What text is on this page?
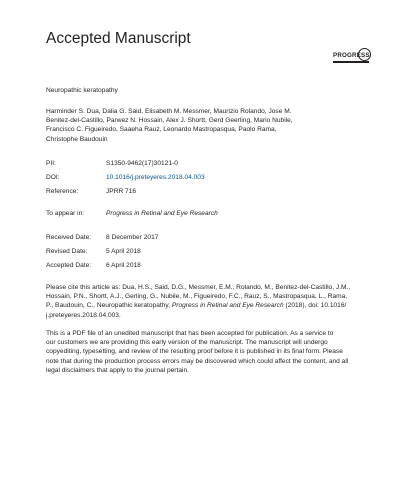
Accepted Manuscript
PROGRESS
Neuropathic keratopathy

Harminder S. Dua, Dalia G. Said, Elisabeth M. Messmer, Maurizio Rolando, Jose M.

Benitez-del-Castillo, Parwez N. Hossain, Alex J. Shortt, Gerd Geerling, Mario Nubile,

Francisco C. Figueiredo, Saaeha Rauz, Leonardo Mastropasqua, Paolo Rama,

Christophe Baudouin

PII:	S1350-9462(17)30121-0
DOI:	10.1016/j.preteyeres.2018.04.003
Reference:	JPRR 716
To appear in:	Progress in Retinal and Eye Research
Received Date: 8 December 2017
Revised Date:	5 April 2018
Accepted Date: 6 April 2018

Please cite this article as: Dua, H.S., Said, D.G., Messmer, E.M., Rolando, M., Benitez-del-Castillo, J.M.,

Hossain, P.N., Shortt, A.J., Gerling, G., Nubile, M., Figueiredo, F.C., Rauz, S., Mastropasqua, L., Rama,

P., Baudouin, C., Neuropathic keratopathy, Progress in Retinal and Eye Research (2018), doi: 10.1016/

j.preteyeres.2018.04.003.

This is a PDF file of an unedited manuscript that has been accepted for publication. As a service to

our customers we are providing this early version of the manuscript. The manuscript will undergo

copyediting, typesetting, and review of the resulting proof before it is published in its final form. Please

note that during the production process errors may be discovered which could affect the content, and all

legal disclaimers that apply to the journal pertain.
